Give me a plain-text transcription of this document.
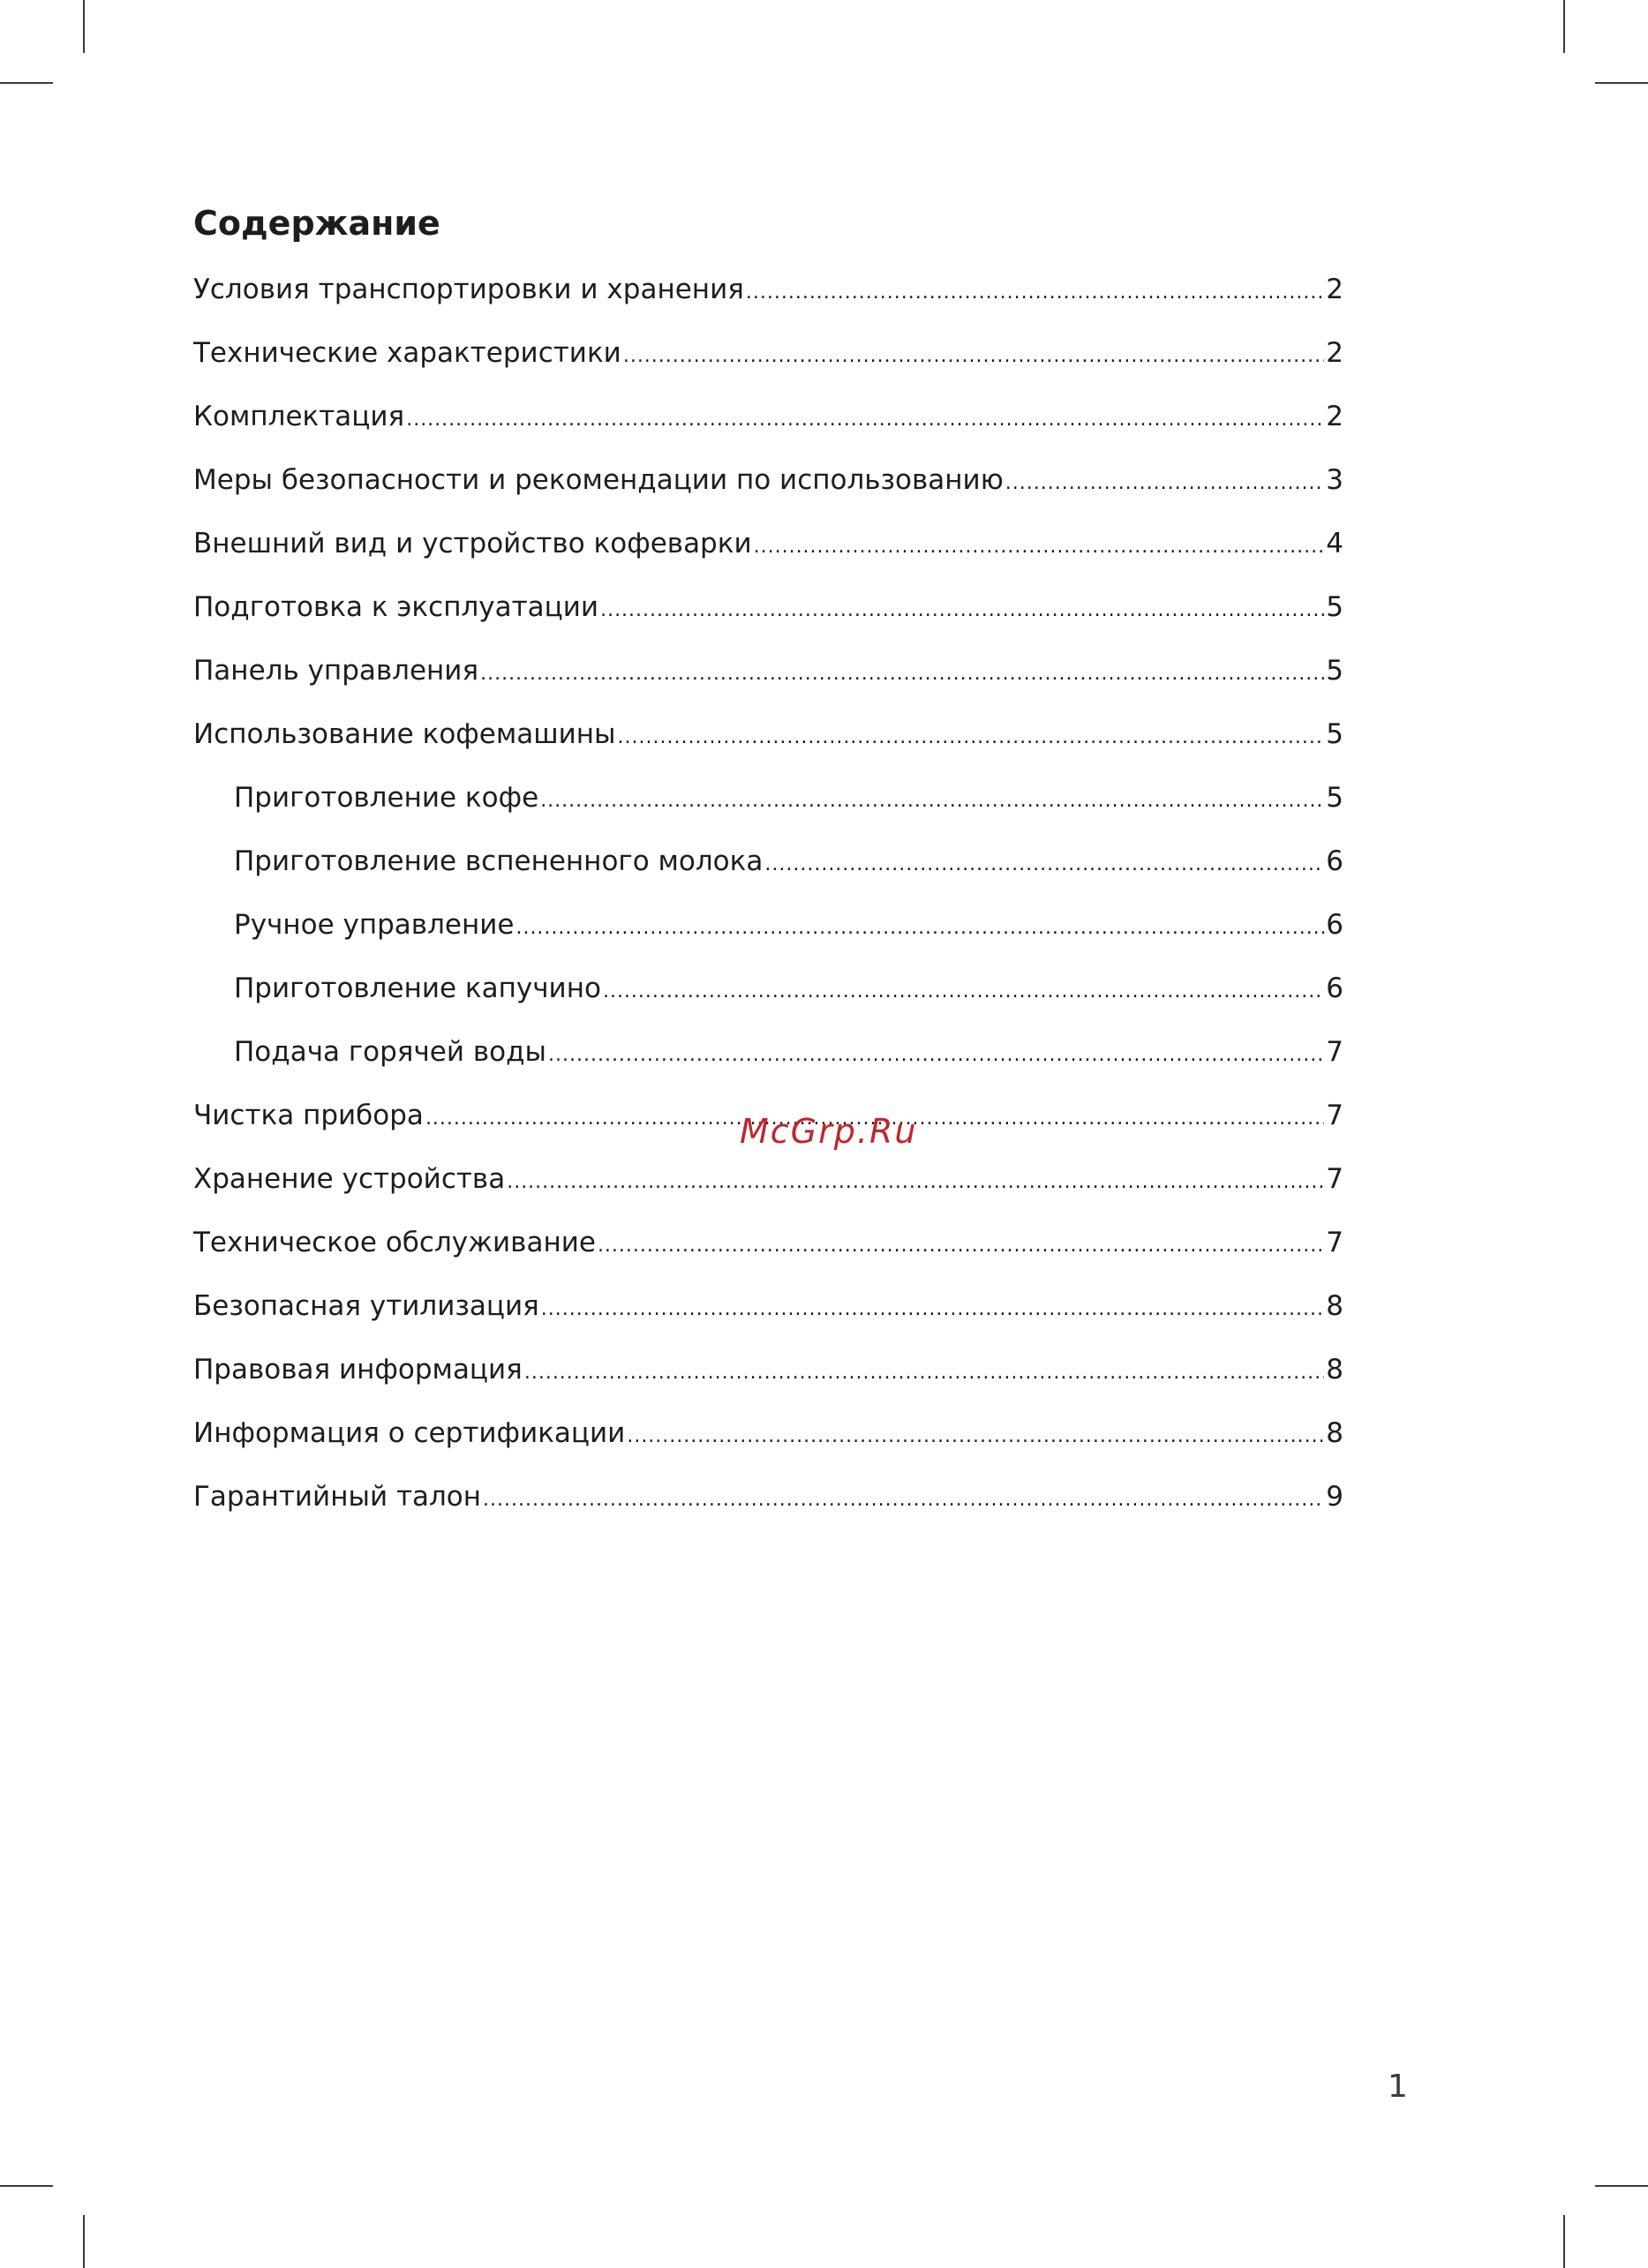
Содержание
Условия транспортировки и хранения .....	2
Технические характеристики .....	2
Комплектация .....	2
Меры безопасности и рекомендации по использованию .....	3
Внешний вид и устройство кофеварки .....	4
Подготовка к эксплуатации .....	5
Панель управления .....	5
Использование кофемашины .....	5
Приготовление кофе .....	5
Приготовление вспененного молока .....	6
Ручное управление .....	6
Приготовление капучино .....	6
Подача горячей воды .....	7
Чистка прибора .....	7
Хранение устройства .....	7
Техническое обслуживание .....	7
Безопасная утилизация .....	8
Правовая информация .....	8
Информация о сертификации .....	8
Гарантийный талон .....	9
McGrp.Ru
1
